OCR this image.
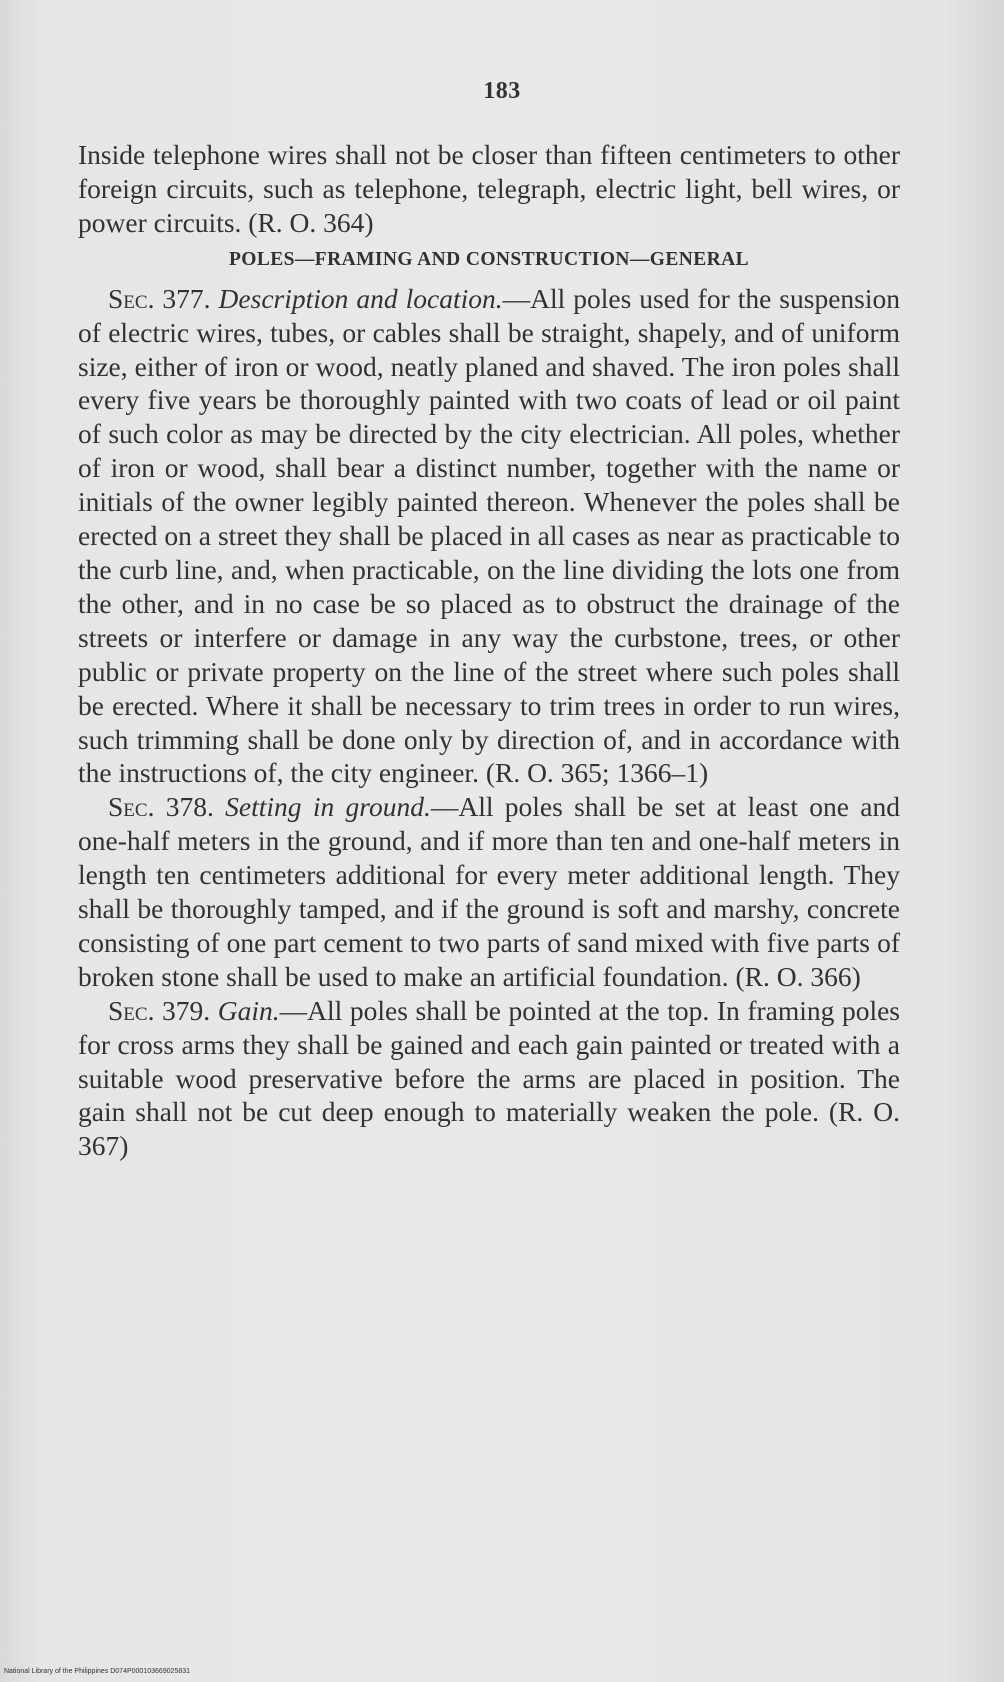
183

Inside telephone wires shall not be closer than fifteen centimeters to other foreign circuits, such as telephone, telegraph, electric light, bell wires, or power circuits. (R. O. 364)

POLES—FRAMING AND CONSTRUCTION—GENERAL

Sec. 377. Description and location.—All poles used for the suspension of electric wires, tubes, or cables shall be straight, shapely, and of uniform size, either of iron or wood, neatly planed and shaved. The iron poles shall every five years be thoroughly painted with two coats of lead or oil paint of such color as may be directed by the city electrician. All poles, whether of iron or wood, shall bear a distinct number, together with the name or initials of the owner legibly painted thereon. Whenever the poles shall be erected on a street they shall be placed in all cases as near as practicable to the curb line, and, when practicable, on the line dividing the lots one from the other, and in no case be so placed as to obstruct the drainage of the streets or interfere or damage in any way the curbstone, trees, or other public or private property on the line of the street where such poles shall be erected. Where it shall be necessary to trim trees in order to run wires, such trimming shall be done only by direction of, and in accordance with the instructions of, the city engineer. (R. O. 365; 1366–1)

Sec. 378. Setting in ground.—All poles shall be set at least one and one-half meters in the ground, and if more than ten and one-half meters in length ten centimeters additional for every meter additional length. They shall be thoroughly tamped, and if the ground is soft and marshy, concrete consisting of one part cement to two parts of sand mixed with five parts of broken stone shall be used to make an artificial foundation. (R. O. 366)

Sec. 379. Gain.—All poles shall be pointed at the top. In framing poles for cross arms they shall be gained and each gain painted or treated with a suitable wood preservative before the arms are placed in position. The gain shall not be cut deep enough to materially weaken the pole. (R. O. 367)

National Library of the Philippines D074P000103669025831
